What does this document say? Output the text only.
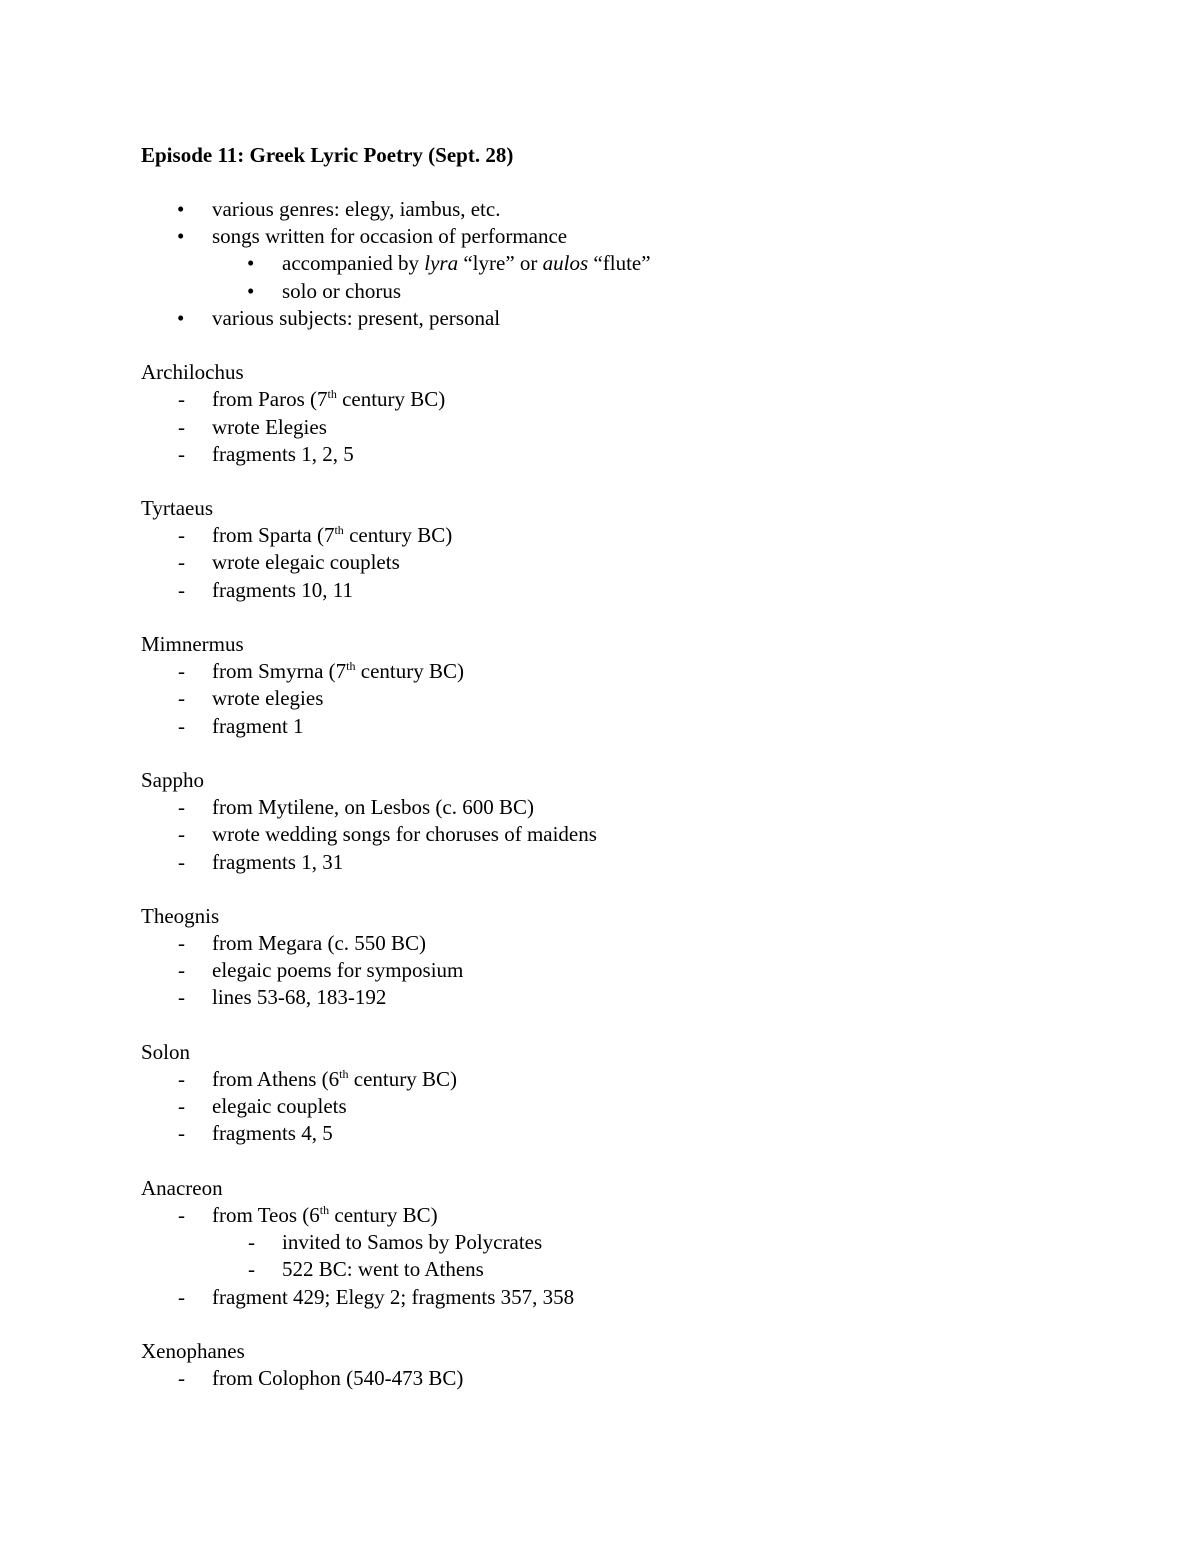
Episode 11: Greek Lyric Poetry (Sept. 28)
• various genres: elegy, iambus, etc.
• songs written for occasion of performance
• accompanied by lyra “lyre” or aulos “flute”
• solo or chorus
• various subjects: present, personal
Archilochus
- from Paros (7th century BC)
- wrote Elegies
- fragments 1, 2, 5
Tyrtaeus
- from Sparta (7th century BC)
- wrote elegaic couplets
- fragments 10, 11
Mimnermus
- from Smyrna (7th century BC)
- wrote elegies
- fragment 1
Sappho
- from Mytilene, on Lesbos (c. 600 BC)
- wrote wedding songs for choruses of maidens
- fragments 1, 31
Theognis
- from Megara (c. 550 BC)
- elegaic poems for symposium
- lines 53-68, 183-192
Solon
- from Athens (6th century BC)
- elegaic couplets
- fragments 4, 5
Anacreon
- from Teos (6th century BC)
- invited to Samos by Polycrates
- 522 BC: went to Athens
- fragment 429; Elegy 2; fragments 357, 358
Xenophanes
- from Colophon (540-473 BC)
